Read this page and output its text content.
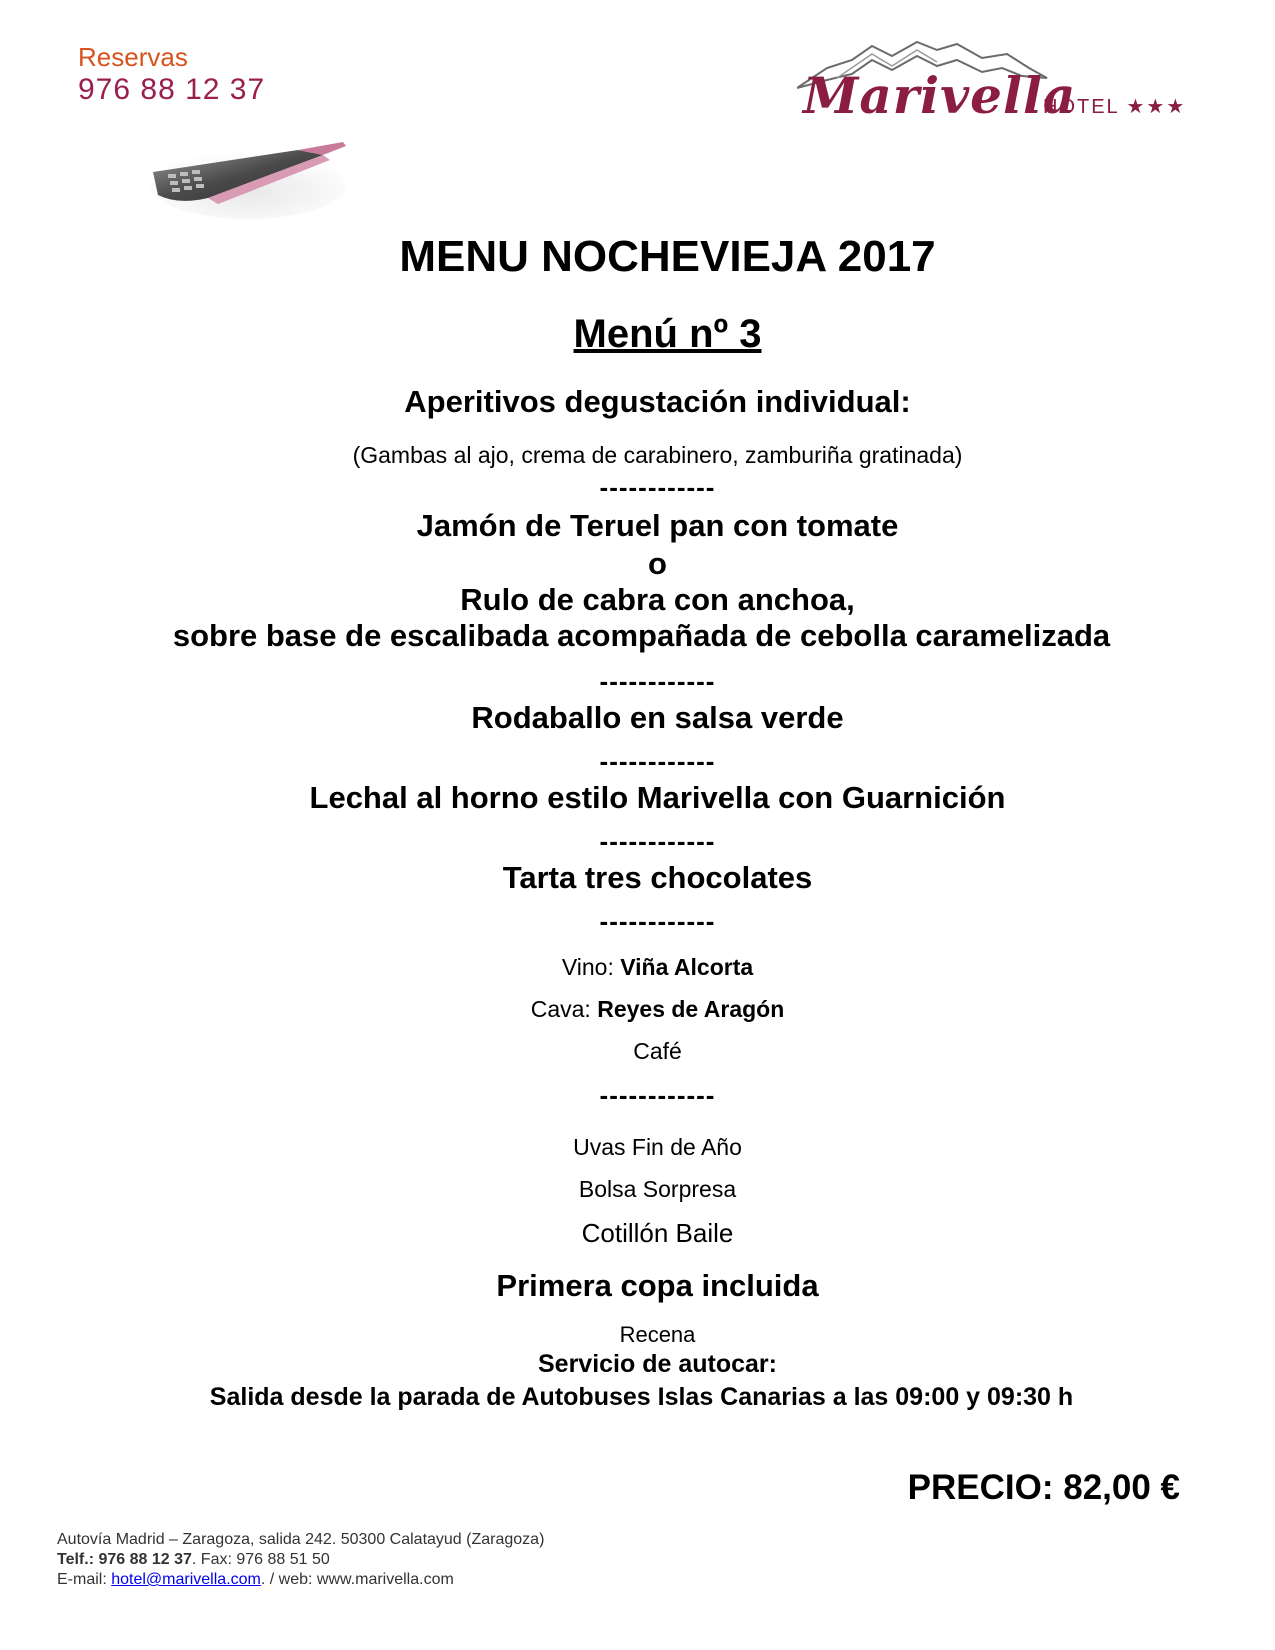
Reservas
976 88 12 37	Marivella
HOTEL ★★★
MENU NOCHEVIEJA 2017
Menú nº 3
Aperitivos degustación individual:
(Gambas al ajo, crema de carabinero, zamburiña gratinada)
------------
Jamón de Teruel pan con tomate
o
Rulo de cabra con anchoa,
sobre base de escalibada acompañada de cebolla caramelizada
------------
Rodaballo en salsa verde
------------
Lechal al horno estilo Marivella con Guarnición
------------
Tarta tres chocolates
------------
Vino: Viña Alcorta
Cava: Reyes de Aragón
Café
------------
Uvas Fin de Año
Bolsa Sorpresa
Cotillón Baile
Primera copa incluida
Recena
Servicio de autocar:
Salida desde la parada de Autobuses Islas Canarias a las 09:00 y 09:30 h
PRECIO: 82,00 €
Autovía Madrid – Zaragoza, salida 242. 50300 Calatayud (Zaragoza)
Telf.: 976 88 12 37. Fax: 976 88 51 50
E-mail: hotel@marivella.com. / web: www.marivella.com
